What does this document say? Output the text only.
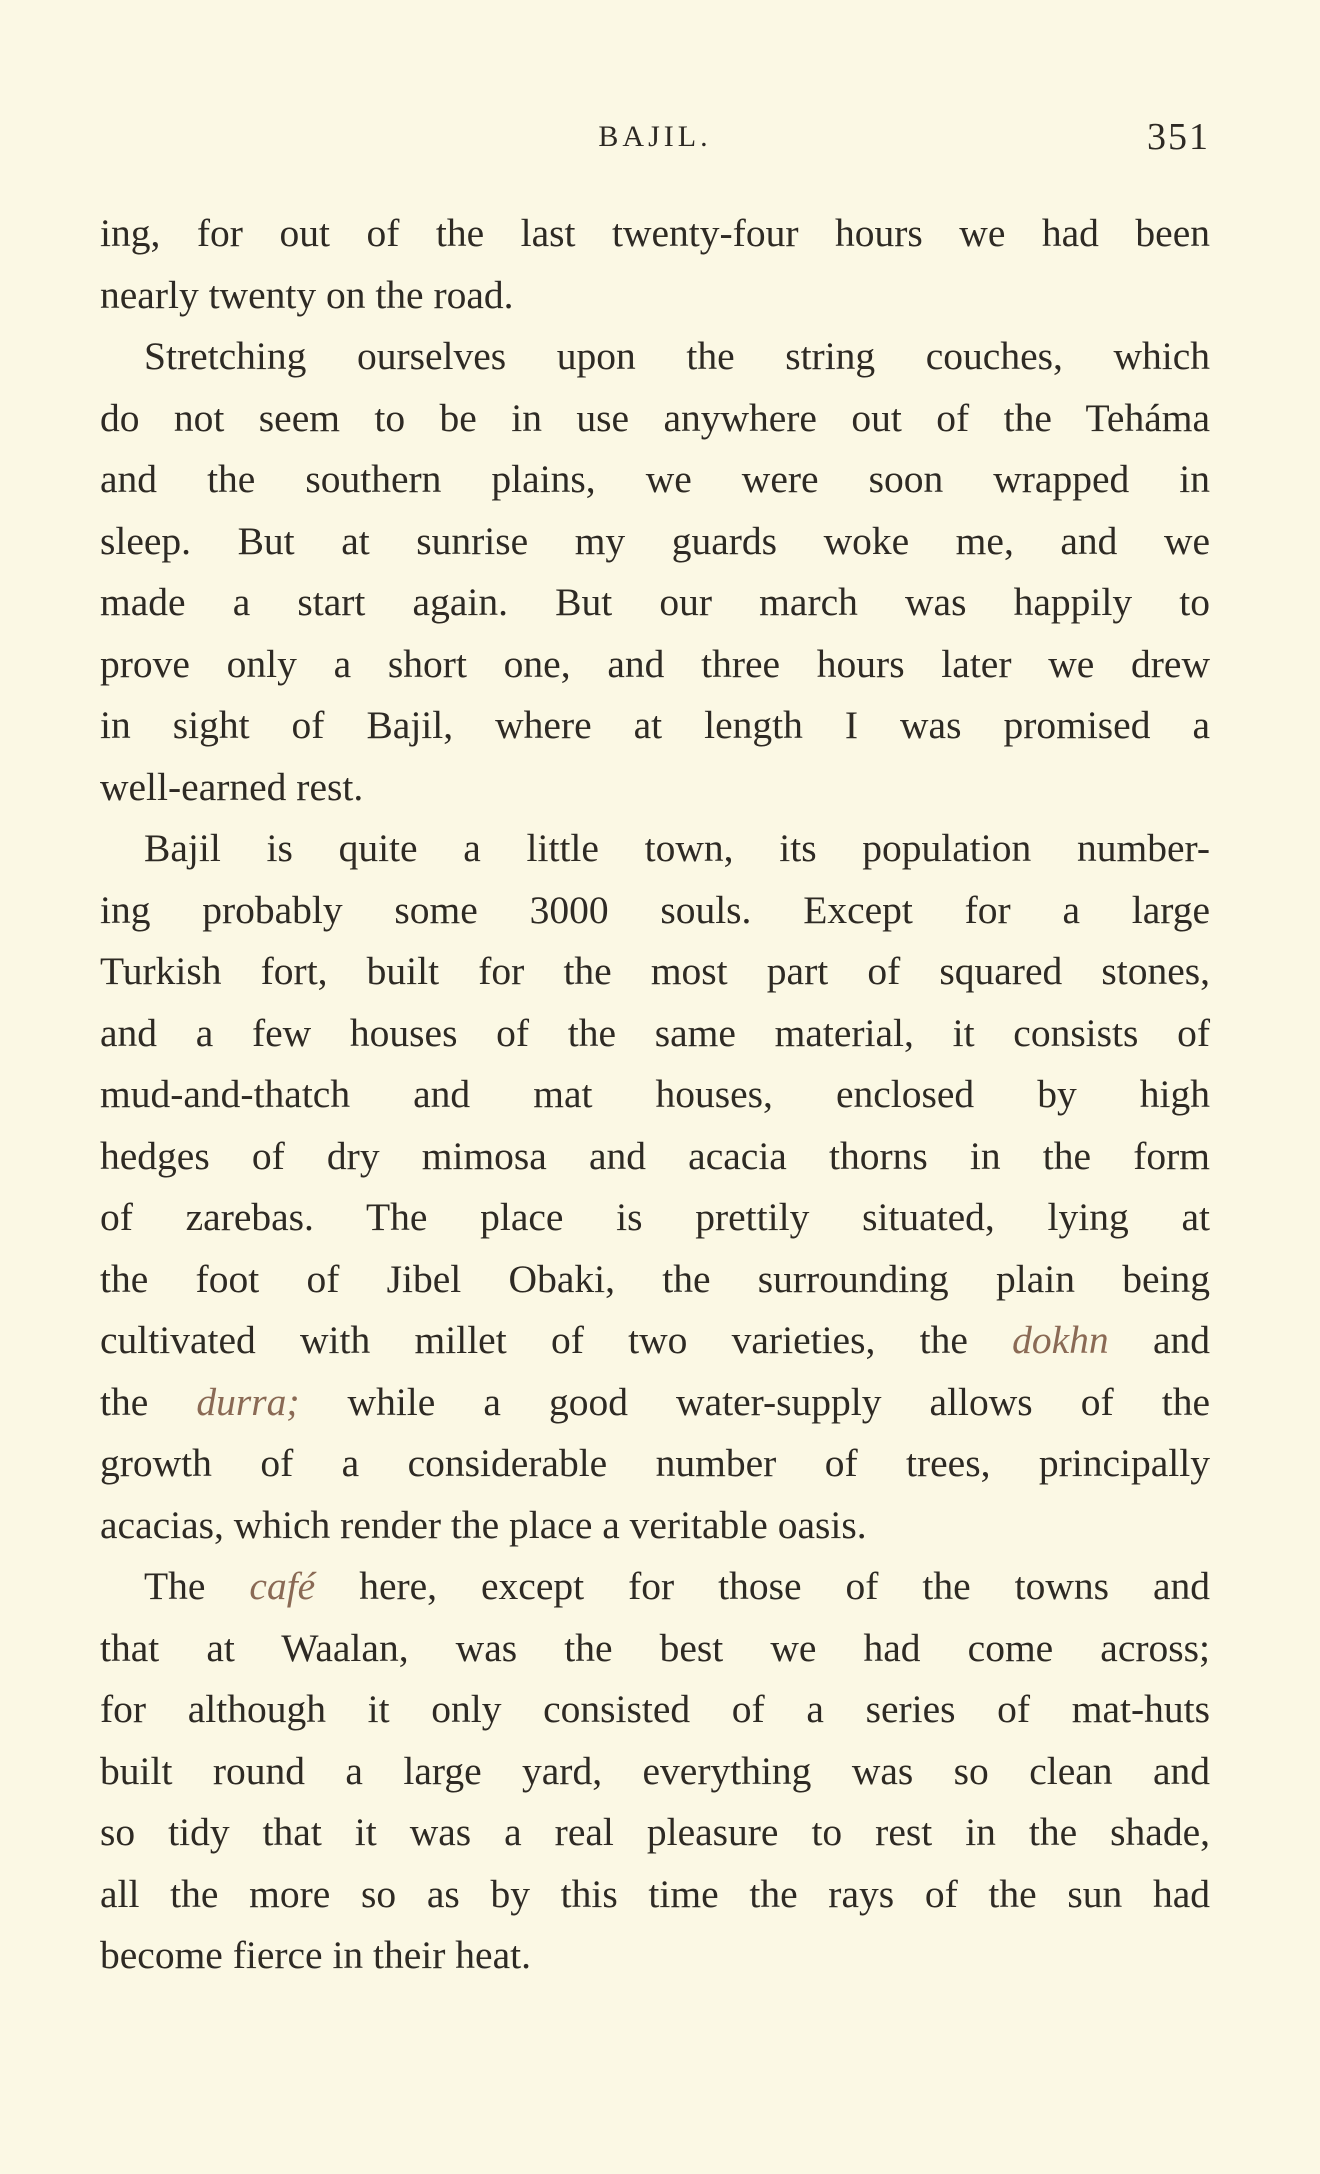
BAJIL.	351
ing, for out of the last twenty-four hours we had been
nearly twenty on the road.
Stretching ourselves upon the string couches, which
do not seem to be in use anywhere out of the Teháma
and the southern plains, we were soon wrapped in
sleep. But at sunrise my guards woke me, and we
made a start again. But our march was happily to
prove only a short one, and three hours later we drew
in sight of Bajil, where at length I was promised a
well-earned rest.
Bajil is quite a little town, its population number-
ing probably some 3000 souls. Except for a large
Turkish fort, built for the most part of squared stones,
and a few houses of the same material, it consists of
mud-and-thatch and mat houses, enclosed by high
hedges of dry mimosa and acacia thorns in the form
of zarebas. The place is prettily situated, lying at
the foot of Jibel Obaki, the surrounding plain being
cultivated with millet of two varieties, the dokhn and
the durra; while a good water-supply allows of the
growth of a considerable number of trees, principally
acacias, which render the place a veritable oasis.
The café here, except for those of the towns and
that at Waalan, was the best we had come across;
for although it only consisted of a series of mat-huts
built round a large yard, everything was so clean and
so tidy that it was a real pleasure to rest in the shade,
all the more so as by this time the rays of the sun had
become fierce in their heat.
